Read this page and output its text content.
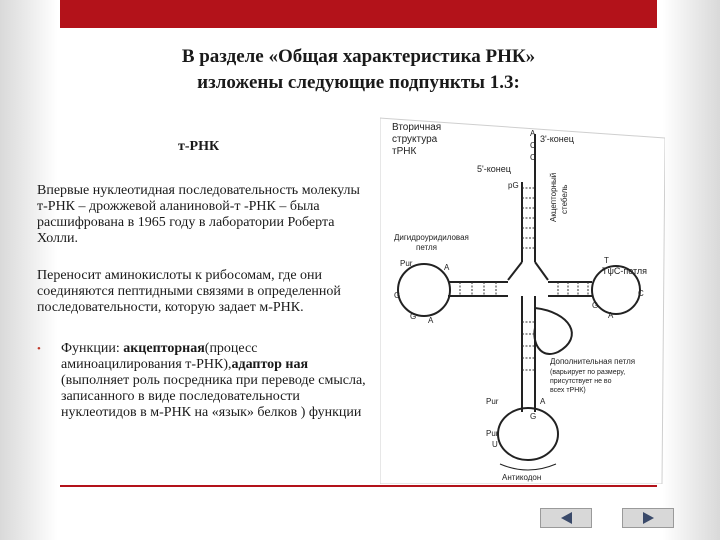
В разделе «Общая характеристика РНК»
изложены следующие подпункты 1.3:
т-РНК
Впервые нуклеотидная последовательность молекулы т-РНК – дрожжевой аланиновой-т -РНК – была расшифрована в 1965 году в лаборатории Роберта Холли.
Переносит аминокислоты к рибосомам, где они соединяются пептидными связями в определенной последовательности, которую задает м-РНК.
• Функции: акцепторная(процесс аминоацилирования т-РНК),адаптор ная (выполняет роль посредника при переводе смысла, записанного в виде последовательности нуклеотидов в м-РНК на «язык» белков ) функции
Вторичная
структура
тРНК
3'-конец
5'-конец
Акцепторный стебель
A
C
C
pG
Дигидроуридиловая
петля
Pur	A
G
A
G
ТψС-петля
T
C
G
A
Дополнительная петля
(варьирует по размеру,
присутствует не во
всех тРНК)
Pur
Pur
U
G
A
Антикодон
